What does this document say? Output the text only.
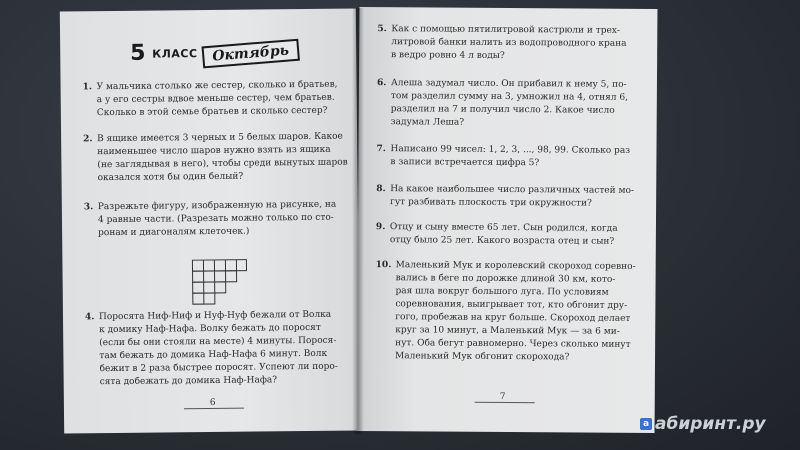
5 КЛАСС	Октябрь
1. У мальчика столько же сестер, сколько и братьев,
а у его сестры вдвое меньше сестер, чем братьев.
Сколько в этой семье братьев и сколько сестер?
2. В ящике имеется 3 черных и 5 белых шаров. Какое
наименьшее число шаров нужно взять из ящика
(не заглядывая в него), чтобы среди вынутых шаров
оказался хотя бы один белый?
3. Разрежьте фигуру, изображенную на рисунке, на
4 равные части. (Разрезать можно только по сто-
ронам и диагоналям клеточек.)
4. Поросята Ниф-Ниф и Нуф-Нуф бежали от Волка
к домику Наф-Нафа. Волку бежать до поросят
(если бы они стояли на месте) 4 минуты. Порося-
там бежать до домика Наф-Нафа 6 минут. Волк
бежит в 2 раза быстрее поросят. Успеют ли поро-
сята добежать до домика Наф-Нафа?
6
5. Как с помощью пятилитровой кастрюли и трех-
литровой банки налить из водопроводного крана
в ведро ровно 4 л воды?
6. Алеша задумал число. Он прибавил к нему 5, по-
том разделил сумму на 3, умножил на 4, отнял 6,
разделил на 7 и получил число 2. Какое число
задумал Леша?
7. Написано 99 чисел: 1, 2, 3, ..., 98, 99. Сколько раз
в записи встречается цифра 5?
8. На какое наибольшее число различных частей мо-
гут разбивать плоскость три окружности?
9. Отцу и сыну вместе 65 лет. Сын родился, когда
отцу было 25 лет. Какого возраста отец и сын?
10. Маленький Мук и королевский скороход соревно-
вались в беге по дорожке длиной 30 км, кото-
рая шла вокруг большого луга. По условиям
соревнования, выигрывает тот, кто обгонит дру-
гого, пробежав на круг больше. Скороход делает
круг за 10 минут, а Маленький Мук — за 6 ми-
нут. Оба бегут равномерно. Через сколько минут
Маленький Мук обгонит скорохода?
7
a абиринт.ру
